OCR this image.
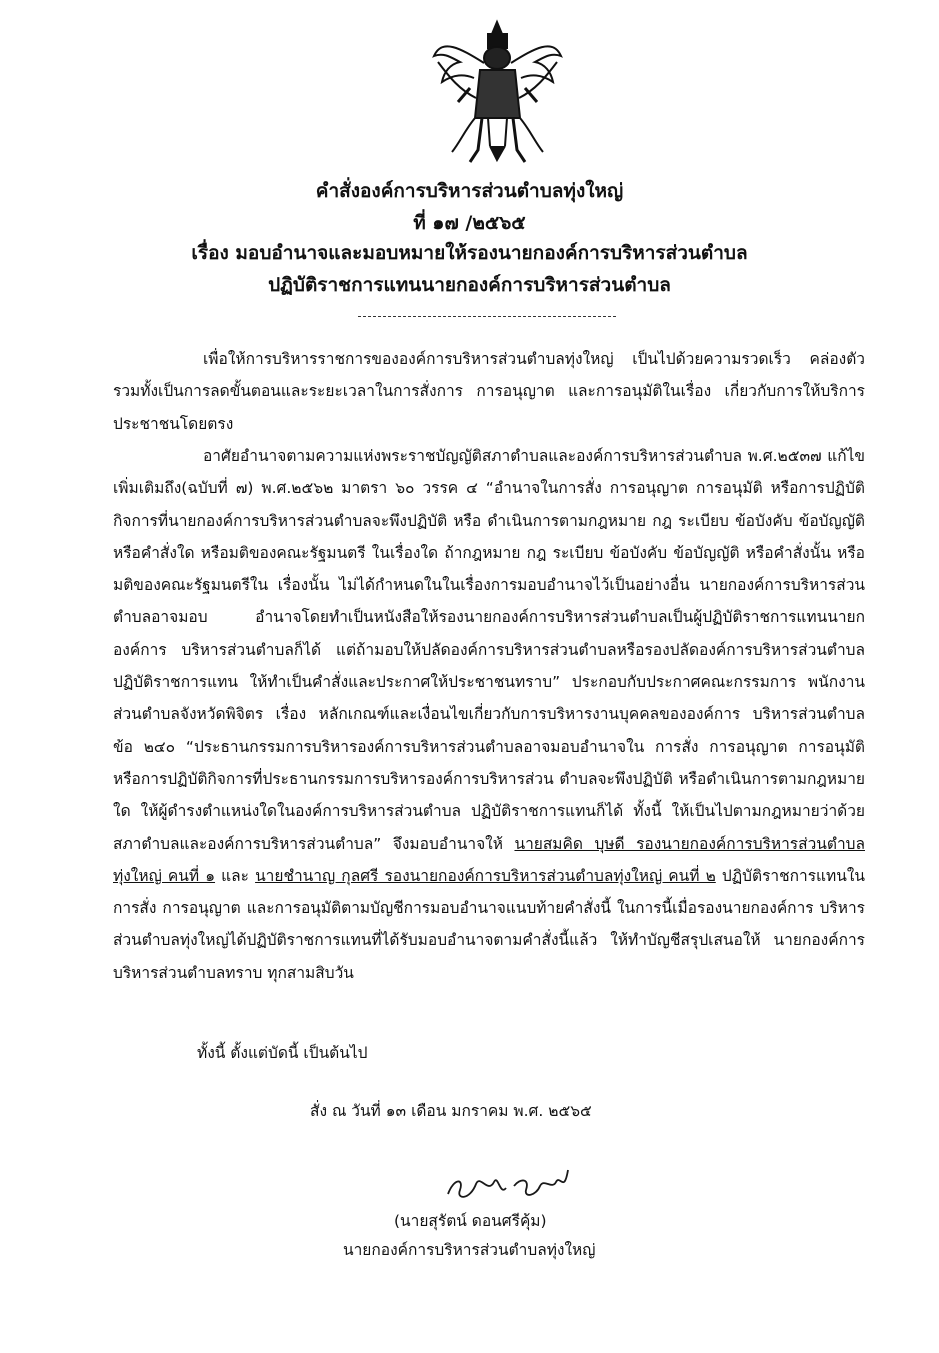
คำสั่งองค์การบริหารส่วนตำบลทุ่งใหญ่
ที่ ๑๗ /๒๕๖๕
เรื่อง มอบอำนาจและมอบหมายให้รองนายกองค์การบริหารส่วนตำบล
ปฏิบัติราชการแทนนายกองค์การบริหารส่วนตำบล
เพื่อให้การบริหารราชการขององค์การบริหารส่วนตำบลทุ่งใหญ่ เป็นไปด้วยความรวดเร็ว คล่องตัว รวมทั้งเป็นการลดขั้นตอนและระยะเวลาในการสั่งการ การอนุญาต และการอนุมัติในเรื่อง เกี่ยวกับการให้บริการประชาชนโดยตรง
อาศัยอำนาจตามความแห่งพระราชบัญญัติสภาตำบลและองค์การบริหารส่วนตำบล พ.ศ.๒๕๓๗ แก้ไขเพิ่มเติมถึง(ฉบับที่ ๗) พ.ศ.๒๕๖๒ มาตรา ๖๐ วรรค ๔ “อำนาจในการสั่ง การอนุญาต การอนุมัติ หรือการปฏิบัติกิจการที่นายกองค์การบริหารส่วนตำบลจะพึงปฏิบัติ หรือ ดำเนินการตามกฎหมาย กฎ ระเบียบ ข้อบังคับ ข้อบัญญัติ หรือคำสั่งใด หรือมติของคณะรัฐมนตรี ในเรื่องใด ถ้ากฎหมาย กฎ ระเบียบ ข้อบังคับ ข้อบัญญัติ หรือคำสั่งนั้น หรือมติของคณะรัฐมนตรีใน เรื่องนั้น ไม่ได้กำหนดในในเรื่องการมอบอำนาจไว้เป็นอย่างอื่น นายกองค์การบริหารส่วนตำบลอาจมอบ อำนาจโดยทำเป็นหนังสือให้รองนายกองค์การบริหารส่วนตำบลเป็นผู้ปฏิบัติราชการแทนนายกองค์การ บริหารส่วนตำบลก็ได้ แต่ถ้ามอบให้ปลัดองค์การบริหารส่วนตำบลหรือรองปลัดองค์การบริหารส่วนตำบล ปฏิบัติราชการแทน ให้ทำเป็นคำสั่งและประกาศให้ประชาชนทราบ” ประกอบกับประกาศคณะกรรมการ พนักงานส่วนตำบลจังหวัดพิจิตร เรื่อง หลักเกณฑ์และเงื่อนไขเกี่ยวกับการบริหารงานบุคคลขององค์การ บริหารส่วนตำบล ข้อ ๒๔๐ “ประธานกรรมการบริหารองค์การบริหารส่วนตำบลอาจมอบอำนาจใน การสั่ง การอนุญาต การอนุมัติ หรือการปฏิบัติกิจการที่ประธานกรรมการบริหารองค์การบริหารส่วน ตำบลจะพึงปฏิบัติ หรือดำเนินการตามกฎหมายใด ให้ผู้ดำรงตำแหน่งใดในองค์การบริหารส่วนตำบล ปฏิบัติราชการแทนก็ได้ ทั้งนี้ ให้เป็นไปตามกฎหมายว่าด้วยสภาตำบลและองค์การบริหารส่วนตำบล” จึงมอบอำนาจให้ นายสมคิด บุษดี รองนายกองค์การบริหารส่วนตำบลทุ่งใหญ่ คนที่ ๑ และ นายชำนาญ กุลศรี รองนายกองค์การบริหารส่วนตำบลทุ่งใหญ่ คนที่ ๒ ปฏิบัติราชการแทนในการสั่ง การอนุญาต และการอนุมัติตามบัญชีการมอบอำนาจแนบท้ายคำสั่งนี้ ในการนี้เมื่อรองนายกองค์การ บริหารส่วนตำบลทุ่งใหญ่ได้ปฏิบัติราชการแทนที่ได้รับมอบอำนาจตามคำสั่งนี้แล้ว ให้ทำบัญชีสรุปเสนอให้ นายกองค์การบริหารส่วนตำบลทราบ ทุกสามสิบวัน
ทั้งนี้ ตั้งแต่บัดนี้ เป็นต้นไป
สั่ง ณ วันที่ ๑๓ เดือน มกราคม พ.ศ. ๒๕๖๕
(นายสุรัตน์ ดอนศรีคุ้ม)
นายกองค์การบริหารส่วนตำบลทุ่งใหญ่
